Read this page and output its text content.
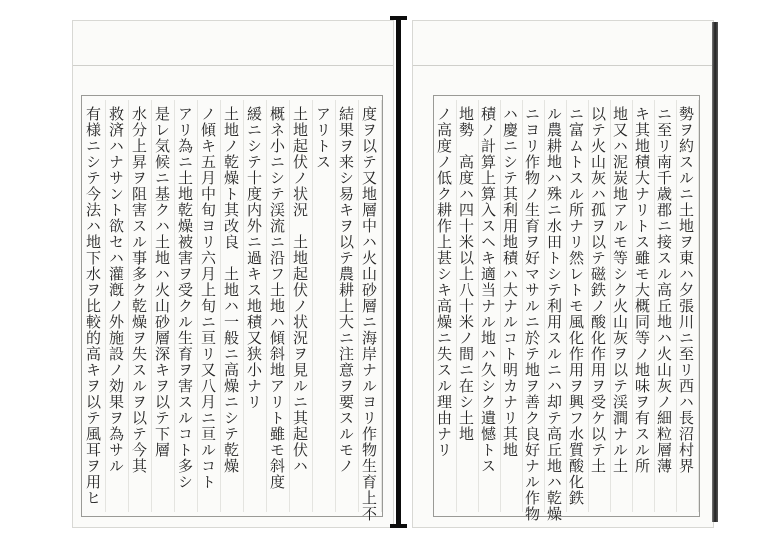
度ヲ以テ又地層中ハ火山砂層ニ海岸ナルヨリ作物生育上不
結果ヲ来シ易キヲ以テ農耕上大ニ注意ヲ要スルモノ
アリトス
土地起伏ノ状況　土地起伏ノ状況ヲ見ルニ其起伏ハ
概ネ小ニシテ渓流ニ沿フ土地ハ傾斜地アリト雖モ斜度
緩ニシテ十度内外ニ過キス地積又狭小ナリ
土地ノ乾燥ト其改良　土地ハ一般ニ高燥ニシテ乾燥
ノ傾キ五月中旬ヨリ六月上旬ニ亘リ又八月ニ亘ルコト
アリ為ニ土地乾燥被害ヲ受クル生育ヲ害スルコト多シ
是レ気候ニ基クハ土地ハ火山砂層深キヲ以テ下層
水分上昇ヲ阻害スル事多ク乾燥ヲ失スルヲ以テ今其
救済ハナサント欲セハ灌漑ノ外施設ノ効果ヲ為サル
有様ニシテ今法ハ地下水ヲ比較的高キヲ以テ風耳ヲ用ヒ	勢ヲ約スルニ土地ヲ東ハ夕張川ニ至リ西ハ長沼村界
ニ至リ南千歳郡ニ接スル高丘地ハ火山灰ノ細粒層薄
キ其地積大ナリトス雖モ大概同等ノ地味ヲ有スル所
地又ハ泥炭地アルモ等シク火山灰ヲ以テ渓澗ナル土
以テ火山灰ハ孤ヲ以テ磁鉄ノ酸化作用ヲ受ケ以テ土
ニ富ムトスル所ナリ然レトモ風化作用ヲ興フ水質酸化鉄
ル農耕地ハ殊ニ水田トシテ利用スルニハ却テ高丘地ハ乾燥
ニヨリ作物ノ生育ヲ好マサルニ於テ地ヲ善ク良好ナル作物
ハ慶ニシテ其利用地積ハ大ナルコト明カナリ其地
積ノ計算上算入スヘキ適当ナル地ハ久シク遺憾トス
地勢　高度ハ四十米以上八十米ノ間ニ在シ土地
ノ高度ノ低ク耕作上甚シキ高燥ニ失スル理由ナリ
